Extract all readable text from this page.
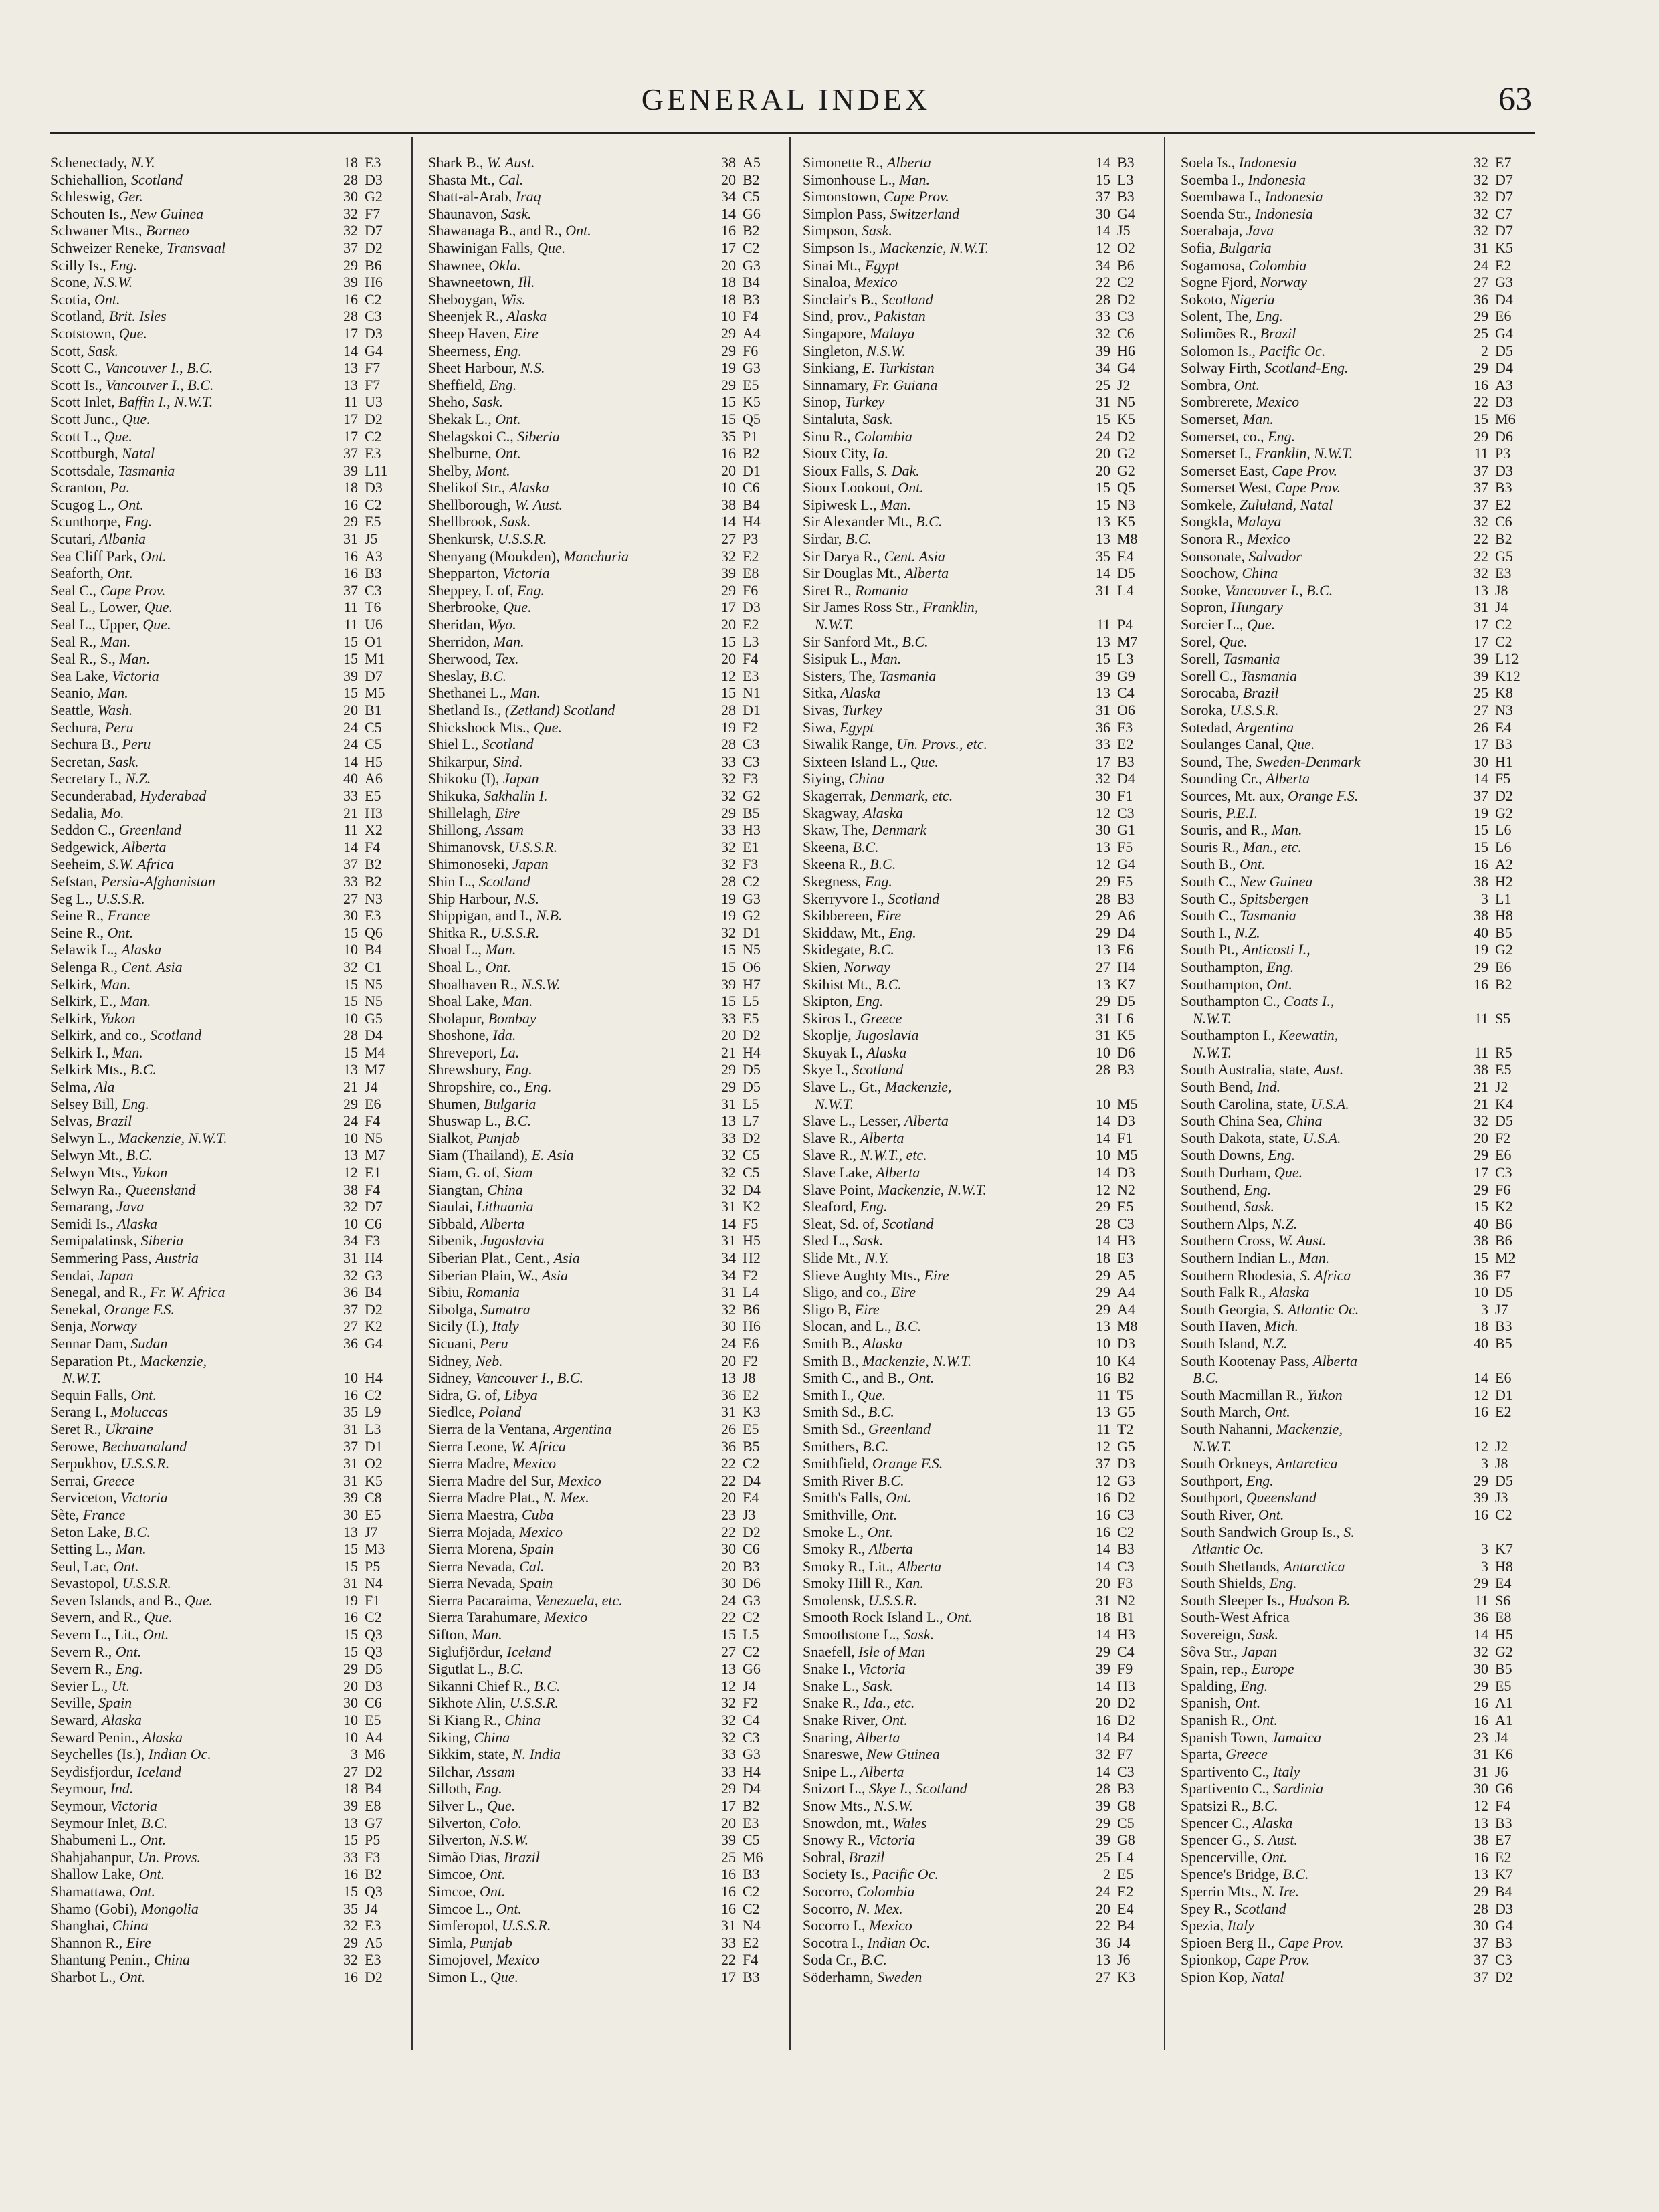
GENERAL INDEX	63
Schenectady, N.Y.	18 E3
Schiehallion, Scotland	28 D3
Schleswig, Ger.	30 G2
Schouten Is., New Guinea	32 F7
Schwaner Mts., Borneo	32 D7
Schweizer Reneke, Transvaal	37 D2
Scilly Is., Eng.	29 B6
Scone, N.S.W.	39 H6
Scotia, Ont.	16 C2
Scotland, Brit. Isles	28 C3
Scotstown, Que.	17 D3
Scott, Sask.	14 G4
Scott C., Vancouver I., B.C.	13 F7
Scott Is., Vancouver I., B.C.	13 F7
Scott Inlet, Baffin I., N.W.T.	11 U3
Scott Junc., Que.	17 D2
Scott L., Que.	17 C2
Scottburgh, Natal	37 E3
Scottsdale, Tasmania	39 L11
Scranton, Pa.	18 D3
Scugog L., Ont.	16 C2
Scunthorpe, Eng.	29 E5
Scutari, Albania	31 J5
Sea Cliff Park, Ont.	16 A3
Seaforth, Ont.	16 B3
Seal C., Cape Prov.	37 C3
Seal L., Lower, Que.	11 T6
Seal L., Upper, Que.	11 U6
Seal R., Man.	15 O1
Seal R., S., Man.	15 M1
Sea Lake, Victoria	39 D7
Seanio, Man.	15 M5
Seattle, Wash.	20 B1
Sechura, Peru	24 C5
Sechura B., Peru	24 C5
Secretan, Sask.	14 H5
Secretary I., N.Z.	40 A6
Secunderabad, Hyderabad	33 E5
Sedalia, Mo.	21 H3
Seddon C., Greenland	11 X2
Sedgewick, Alberta	14 F4
Seeheim, S.W. Africa	37 B2
Sefstan, Persia-Afghanistan	33 B2
Seg L., U.S.S.R.	27 N3
Seine R., France	30 E3
Seine R., Ont.	15 Q6
Selawik L., Alaska	10 B4
Selenga R., Cent. Asia	32 C1
Selkirk, Man.	15 N5
Selkirk, E., Man.	15 N5
Selkirk, Yukon	10 G5
Selkirk, and co., Scotland	28 D4
Selkirk I., Man.	15 M4
Selkirk Mts., B.C.	13 M7
Selma, Ala	21 J4
Selsey Bill, Eng.	29 E6
Selvas, Brazil	24 F4
Selwyn L., Mackenzie, N.W.T.	10 N5
Selwyn Mt., B.C.	13 M7
Selwyn Mts., Yukon	12 E1
Selwyn Ra., Queensland	38 F4
Semarang, Java	32 D7
Semidi Is., Alaska	10 C6
Semipalatinsk, Siberia	34 F3
Semmering Pass, Austria	31 H4
Sendai, Japan	32 G3
Senegal, and R., Fr. W. Africa	36 B4
Senekal, Orange F.S.	37 D2
Senja, Norway	27 K2
Sennar Dam, Sudan	36 G4
Separation Pt., Mackenzie,
N.W.T.	10 H4
Sequin Falls, Ont.	16 C2
Serang I., Moluccas	35 L9
Seret R., Ukraine	31 L3
Serowe, Bechuanaland	37 D1
Serpukhov, U.S.S.R.	31 O2
Serrai, Greece	31 K5
Serviceton, Victoria	39 C8
Sète, France	30 E5
Seton Lake, B.C.	13 J7
Setting L., Man.	15 M3
Seul, Lac, Ont.	15 P5
Sevastopol, U.S.S.R.	31 N4
Seven Islands, and B., Que.	19 F1
Severn, and R., Que.	16 C2
Severn L., Lit., Ont.	15 Q3
Severn R., Ont.	15 Q3
Severn R., Eng.	29 D5
Sevier L., Ut.	20 D3
Seville, Spain	30 C6
Seward, Alaska	10 E5
Seward Penin., Alaska	10 A4
Seychelles (Is.), Indian Oc.	3 M6
Seydisfjordur, Iceland	27 D2
Seymour, Ind.	18 B4
Seymour, Victoria	39 E8
Seymour Inlet, B.C.	13 G7
Shabumeni L., Ont.	15 P5
Shahjahanpur, Un. Provs.	33 F3
Shallow Lake, Ont.	16 B2
Shamattawa, Ont.	15 Q3
Shamo (Gobi), Mongolia	35 J4
Shanghai, China	32 E3
Shannon R., Eire	29 A5
Shantung Penin., China	32 E3
Sharbot L., Ont.	16 D2
Shark B., W. Aust.	38 A5
Shasta Mt., Cal.	20 B2
Shatt-al-Arab, Iraq	34 C5
Shaunavon, Sask.	14 G6
Shawanaga B., and R., Ont.	16 B2
Shawinigan Falls, Que.	17 C2
Shawnee, Okla.	20 G3
Shawneetown, Ill.	18 B4
Sheboygan, Wis.	18 B3
Sheenjek R., Alaska	10 F4
Sheep Haven, Eire	29 A4
Sheerness, Eng.	29 F6
Sheet Harbour, N.S.	19 G3
Sheffield, Eng.	29 E5
Sheho, Sask.	15 K5
Shekak L., Ont.	15 Q5
Shelagskoi C., Siberia	35 P1
Shelburne, Ont.	16 B2
Shelby, Mont.	20 D1
Shelikof Str., Alaska	10 C6
Shellborough, W. Aust.	38 B4
Shellbrook, Sask.	14 H4
Shenkursk, U.S.S.R.	27 P3
Shenyang (Moukden), Manchuria	32 E2
Shepparton, Victoria	39 E8
Sheppey, I. of, Eng.	29 F6
Sherbrooke, Que.	17 D3
Sheridan, Wyo.	20 E2
Sherridon, Man.	15 L3
Sherwood, Tex.	20 F4
Sheslay, B.C.	12 E3
Shethanei L., Man.	15 N1
Shetland Is., (Zetland) Scotland	28 D1
Shickshock Mts., Que.	19 F2
Shiel L., Scotland	28 C3
Shikarpur, Sind.	33 C3
Shikoku (I), Japan	32 F3
Shikuka, Sakhalin I.	32 G2
Shillelagh, Eire	29 B5
Shillong, Assam	33 H3
Shimanovsk, U.S.S.R.	32 E1
Shimonoseki, Japan	32 F3
Shin L., Scotland	28 C2
Ship Harbour, N.S.	19 G3
Shippigan, and I., N.B.	19 G2
Shitka R., U.S.S.R.	32 D1
Shoal L., Man.	15 N5
Shoal L., Ont.	15 O6
Shoalhaven R., N.S.W.	39 H7
Shoal Lake, Man.	15 L5
Sholapur, Bombay	33 E5
Shoshone, Ida.	20 D2
Shreveport, La.	21 H4
Shrewsbury, Eng.	29 D5
Shropshire, co., Eng.	29 D5
Shumen, Bulgaria	31 L5
Shuswap L., B.C.	13 L7
Sialkot, Punjab	33 D2
Siam (Thailand), E. Asia	32 C5
Siam, G. of, Siam	32 C5
Siangtan, China	32 D4
Siaulai, Lithuania	31 K2
Sibbald, Alberta	14 F5
Sibenik, Jugoslavia	31 H5
Siberian Plat., Cent., Asia	34 H2
Siberian Plain, W., Asia	34 F2
Sibiu, Romania	31 L4
Sibolga, Sumatra	32 B6
Sicily (I.), Italy	30 H6
Sicuani, Peru	24 E6
Sidney, Neb.	20 F2
Sidney, Vancouver I., B.C.	13 J8
Sidra, G. of, Libya	36 E2
Siedlce, Poland	31 K3
Sierra de la Ventana, Argentina	26 E5
Sierra Leone, W. Africa	36 B5
Sierra Madre, Mexico	22 C2
Sierra Madre del Sur, Mexico	22 D4
Sierra Madre Plat., N. Mex.	20 E4
Sierra Maestra, Cuba	23 J3
Sierra Mojada, Mexico	22 D2
Sierra Morena, Spain	30 C6
Sierra Nevada, Cal.	20 B3
Sierra Nevada, Spain	30 D6
Sierra Pacaraima, Venezuela, etc.	24 G3
Sierra Tarahumare, Mexico	22 C2
Sifton, Man.	15 L5
Siglufjördur, Iceland	27 C2
Sigutlat L., B.C.	13 G6
Sikanni Chief R., B.C.	12 J4
Sikhote Alin, U.S.S.R.	32 F2
Si Kiang R., China	32 C4
Siking, China	32 C3
Sikkim, state, N. India	33 G3
Silchar, Assam	33 H4
Silloth, Eng.	29 D4
Silver L., Que.	17 B2
Silverton, Colo.	20 E3
Silverton, N.S.W.	39 C5
Simão Dias, Brazil	25 M6
Simcoe, Ont.	16 B3
Simcoe, Ont.	16 C2
Simcoe L., Ont.	16 C2
Simferopol, U.S.S.R.	31 N4
Simla, Punjab	33 E2
Simojovel, Mexico	22 F4
Simon L., Que.	17 B3
Simonette R., Alberta	14 B3
Simonhouse L., Man.	15 L3
Simonstown, Cape Prov.	37 B3
Simplon Pass, Switzerland	30 G4
Simpson, Sask.	14 J5
Simpson Is., Mackenzie, N.W.T.	12 O2
Sinai Mt., Egypt	34 B6
Sinaloa, Mexico	22 C2
Sinclair's B., Scotland	28 D2
Sind, prov., Pakistan	33 C3
Singapore, Malaya	32 C6
Singleton, N.S.W.	39 H6
Sinkiang, E. Turkistan	34 G4
Sinnamary, Fr. Guiana	25 J2
Sinop, Turkey	31 N5
Sintaluta, Sask.	15 K5
Sinu R., Colombia	24 D2
Sioux City, Ia.	20 G2
Sioux Falls, S. Dak.	20 G2
Sioux Lookout, Ont.	15 Q5
Sipiwesk L., Man.	15 N3
Sir Alexander Mt., B.C.	13 K5
Sirdar, B.C.	13 M8
Sir Darya R., Cent. Asia	35 E4
Sir Douglas Mt., Alberta	14 D5
Siret R., Romania	31 L4
Sir James Ross Str., Franklin,
N.W.T.	11 P4
Sir Sanford Mt., B.C.	13 M7
Sisipuk L., Man.	15 L3
Sisters, The, Tasmania	39 G9
Sitka, Alaska	13 C4
Sivas, Turkey	31 O6
Siwa, Egypt	36 F3
Siwalik Range, Un. Provs., etc.	33 E2
Sixteen Island L., Que.	17 B3
Siying, China	32 D4
Skagerrak, Denmark, etc.	30 F1
Skagway, Alaska	12 C3
Skaw, The, Denmark	30 G1
Skeena, B.C.	13 F5
Skeena R., B.C.	12 G4
Skegness, Eng.	29 F5
Skerryvore I., Scotland	28 B3
Skibbereen, Eire	29 A6
Skiddaw, Mt., Eng.	29 D4
Skidegate, B.C.	13 E6
Skien, Norway	27 H4
Skihist Mt., B.C.	13 K7
Skipton, Eng.	29 D5
Skiros I., Greece	31 L6
Skoplje, Jugoslavia	31 K5
Skuyak I., Alaska	10 D6
Skye I., Scotland	28 B3
Slave L., Gt., Mackenzie,
N.W.T.	10 M5
Slave L., Lesser, Alberta	14 D3
Slave R., Alberta	14 F1
Slave R., N.W.T., etc.	10 M5
Slave Lake, Alberta	14 D3
Slave Point, Mackenzie, N.W.T.	12 N2
Sleaford, Eng.	29 E5
Sleat, Sd. of, Scotland	28 C3
Sled L., Sask.	14 H3
Slide Mt., N.Y.	18 E3
Slieve Aughty Mts., Eire	29 A5
Sligo, and co., Eire	29 A4
Sligo B, Eire	29 A4
Slocan, and L., B.C.	13 M8
Smith B., Alaska	10 D3
Smith B., Mackenzie, N.W.T.	10 K4
Smith C., and B., Ont.	16 B2
Smith I., Que.	11 T5
Smith Sd., B.C.	13 G5
Smith Sd., Greenland	11 T2
Smithers, B.C.	12 G5
Smithfield, Orange F.S.	37 D3
Smith River B.C.	12 G3
Smith's Falls, Ont.	16 D2
Smithville, Ont.	16 C3
Smoke L., Ont.	16 C2
Smoky R., Alberta	14 B3
Smoky R., Lit., Alberta	14 C3
Smoky Hill R., Kan.	20 F3
Smolensk, U.S.S.R.	31 N2
Smooth Rock Island L., Ont.	18 B1
Smoothstone L., Sask.	14 H3
Snaefell, Isle of Man	29 C4
Snake I., Victoria	39 F9
Snake L., Sask.	14 H3
Snake R., Ida., etc.	20 D2
Snake River, Ont.	16 D2
Snaring, Alberta	14 B4
Snareswe, New Guinea	32 F7
Snipe L., Alberta	14 C3
Snizort L., Skye I., Scotland	28 B3
Snow Mts., N.S.W.	39 G8
Snowdon, mt., Wales	29 C5
Snowy R., Victoria	39 G8
Sobral, Brazil	25 L4
Society Is., Pacific Oc.	2 E5
Socorro, Colombia	24 E2
Socorro, N. Mex.	20 E4
Socorro I., Mexico	22 B4
Socotra I., Indian Oc.	36 J4
Soda Cr., B.C.	13 J6
Söderhamn, Sweden	27 K3
Soela Is., Indonesia	32 E7
Soemba I., Indonesia	32 D7
Soembawa I., Indonesia	32 D7
Soenda Str., Indonesia	32 C7
Soerabaja, Java	32 D7
Sofia, Bulgaria	31 K5
Sogamosa, Colombia	24 E2
Sogne Fjord, Norway	27 G3
Sokoto, Nigeria	36 D4
Solent, The, Eng.	29 E6
Solimões R., Brazil	25 G4
Solomon Is., Pacific Oc.	2 D5
Solway Firth, Scotland-Eng.	29 D4
Sombra, Ont.	16 A3
Sombrerete, Mexico	22 D3
Somerset, Man.	15 M6
Somerset, co., Eng.	29 D6
Somerset I., Franklin, N.W.T.	11 P3
Somerset East, Cape Prov.	37 D3
Somerset West, Cape Prov.	37 B3
Somkele, Zululand, Natal	37 E2
Songkla, Malaya	32 C6
Sonora R., Mexico	22 B2
Sonsonate, Salvador	22 G5
Soochow, China	32 E3
Sooke, Vancouver I., B.C.	13 J8
Sopron, Hungary	31 J4
Sorcier L., Que.	17 C2
Sorel, Que.	17 C2
Sorell, Tasmania	39 L12
Sorell C., Tasmania	39 K12
Sorocaba, Brazil	25 K8
Soroka, U.S.S.R.	27 N3
Sotedad, Argentina	26 E4
Soulanges Canal, Que.	17 B3
Sound, The, Sweden-Denmark	30 H1
Sounding Cr., Alberta	14 F5
Sources, Mt. aux, Orange F.S.	37 D2
Souris, P.E.I.	19 G2
Souris, and R., Man.	15 L6
Souris R., Man., etc.	15 L6
South B., Ont.	16 A2
South C., New Guinea	38 H2
South C., Spitsbergen	3 L1
South C., Tasmania	38 H8
South I., N.Z.	40 B5
South Pt., Anticosti I.,	19 G2
Southampton, Eng.	29 E6
Southampton, Ont.	16 B2
Southampton C., Coats I.,
N.W.T.	11 S5
Southampton I., Keewatin,
N.W.T.	11 R5
South Australia, state, Aust.	38 E5
South Bend, Ind.	21 J2
South Carolina, state, U.S.A.	21 K4
South China Sea, China	32 D5
South Dakota, state, U.S.A.	20 F2
South Downs, Eng.	29 E6
South Durham, Que.	17 C3
Southend, Eng.	29 F6
Southend, Sask.	15 K2
Southern Alps, N.Z.	40 B6
Southern Cross, W. Aust.	38 B6
Southern Indian L., Man.	15 M2
Southern Rhodesia, S. Africa	36 F7
South Falk R., Alaska	10 D5
South Georgia, S. Atlantic Oc.	3 J7
South Haven, Mich.	18 B3
South Island, N.Z.	40 B5
South Kootenay Pass, Alberta
B.C.	14 E6
South Macmillan R., Yukon	12 D1
South March, Ont.	16 E2
South Nahanni, Mackenzie,
N.W.T.	12 J2
South Orkneys, Antarctica	3 J8
Southport, Eng.	29 D5
Southport, Queensland	39 J3
South River, Ont.	16 C2
South Sandwich Group Is., S.
Atlantic Oc.	3 K7
South Shetlands, Antarctica	3 H8
South Shields, Eng.	29 E4
South Sleeper Is., Hudson B.	11 S6
South-West Africa	36 E8
Sovereign, Sask.	14 H5
Sôva Str., Japan	32 G2
Spain, rep., Europe	30 B5
Spalding, Eng.	29 E5
Spanish, Ont.	16 A1
Spanish R., Ont.	16 A1
Spanish Town, Jamaica	23 J4
Sparta, Greece	31 K6
Spartivento C., Italy	31 J6
Spartivento C., Sardinia	30 G6
Spatsizi R., B.C.	12 F4
Spencer C., Alaska	13 B3
Spencer G., S. Aust.	38 E7
Spencerville, Ont.	16 E2
Spence's Bridge, B.C.	13 K7
Sperrin Mts., N. Ire.	29 B4
Spey R., Scotland	28 D3
Spezia, Italy	30 G4
Spioen Berg II., Cape Prov.	37 B3
Spionkop, Cape Prov.	37 C3
Spion Kop, Natal	37 D2
